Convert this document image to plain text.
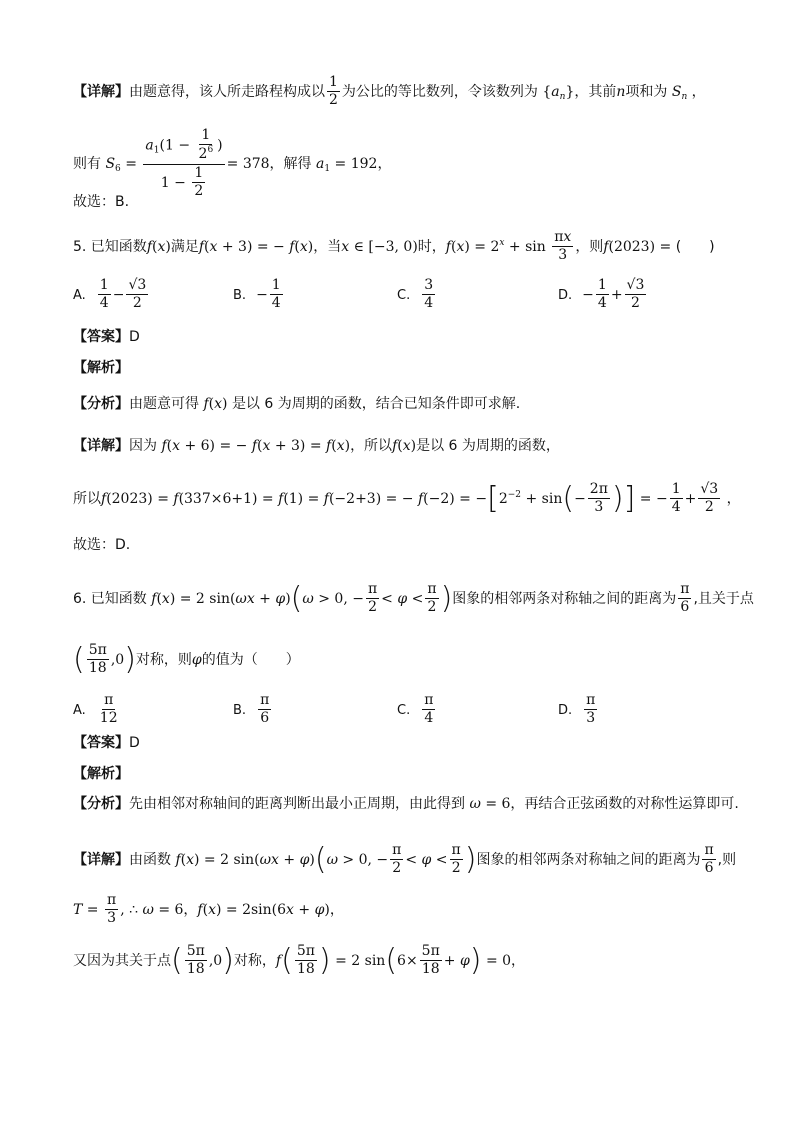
【详解】由题意得，该人所走路程构成以 $\frac{1}{2}$ 为公比的等比数列，令该数列为 $\{a_n\}$，其前n项和为 $S_n$ ，
则有 $S_6 = \frac{a_1(1 - \frac{1}{2^6} )}{1 - \frac{1}{2}} = 378$，解得 $a_1 = 192$，
故选：B.
5. 已知函数f(x)满足f(x + 3) = − f(x)，当x ∈ [−3, 0)时，$f(x) = 2^x + \sin \frac{\pi x}{3}$ ，则f(2023) = (　　)
A. $\frac{1}{4} - \frac{√3}{2}$	B. − $\frac{1}{4}$	C. $\frac{3}{4}$	D. − $\frac{1}{4} + \frac{√3}{2}$
【答案】D
【解析】
【分析】由题意可得 f(x) 是以 6 为周期的函数，结合已知条件即可求解.
【详解】因为 f(x + 6) = − f(x + 3) = f(x)，所以f(x)是以 6 为周期的函数，
所以f(2023) = f(337×6+1) = f(1) = f(−2+3) = − $f(-2) = -[2^{-2} + \sin(- \frac{2\pi}{3}$ )] = − $\frac{1}{4} + \frac{√3}{2}$ ，
故选：D.
6. 已知函数 f(x) = 2 sin(ωx + φ)(ω > 0, − $\frac{\pi}{2} < \varphi < \frac{\pi}{2}$ )图象的相邻两条对称轴之间的距离为 $\frac{\pi}{6}$ ,且关于点
( $\frac{5\pi}{18} ,0$)对称，则φ的值为（　　）
A. $\frac{\pi}{12}$	B. $\frac{\pi}{6}$	C. $\frac{\pi}{4}$	D. $\frac{\pi}{3}$
【答案】D
【解析】
【分析】先由相邻对称轴间的距离判断出最小正周期，由此得到 ω = 6，再结合正弦函数的对称性运算即可.
【详解】由函数 f(x) = 2 sin(ωx + φ)(ω > 0, − $\frac{\pi}{2} < \varphi < \frac{\pi}{2}$ )图象的相邻两条对称轴之间的距离为 $\frac{\pi}{6}$ ,则
$T = \frac{\pi}{3}$ , ∴ ω = 6，f(x) = 2sin(6x + φ)，
又因为其关于点( $\frac{5\pi}{18} ,0$)对称，$f( \frac{5\pi}{18}$ ) = 2 $\sin(6\times \frac{5\pi}{18} + \varphi) = 0$，
